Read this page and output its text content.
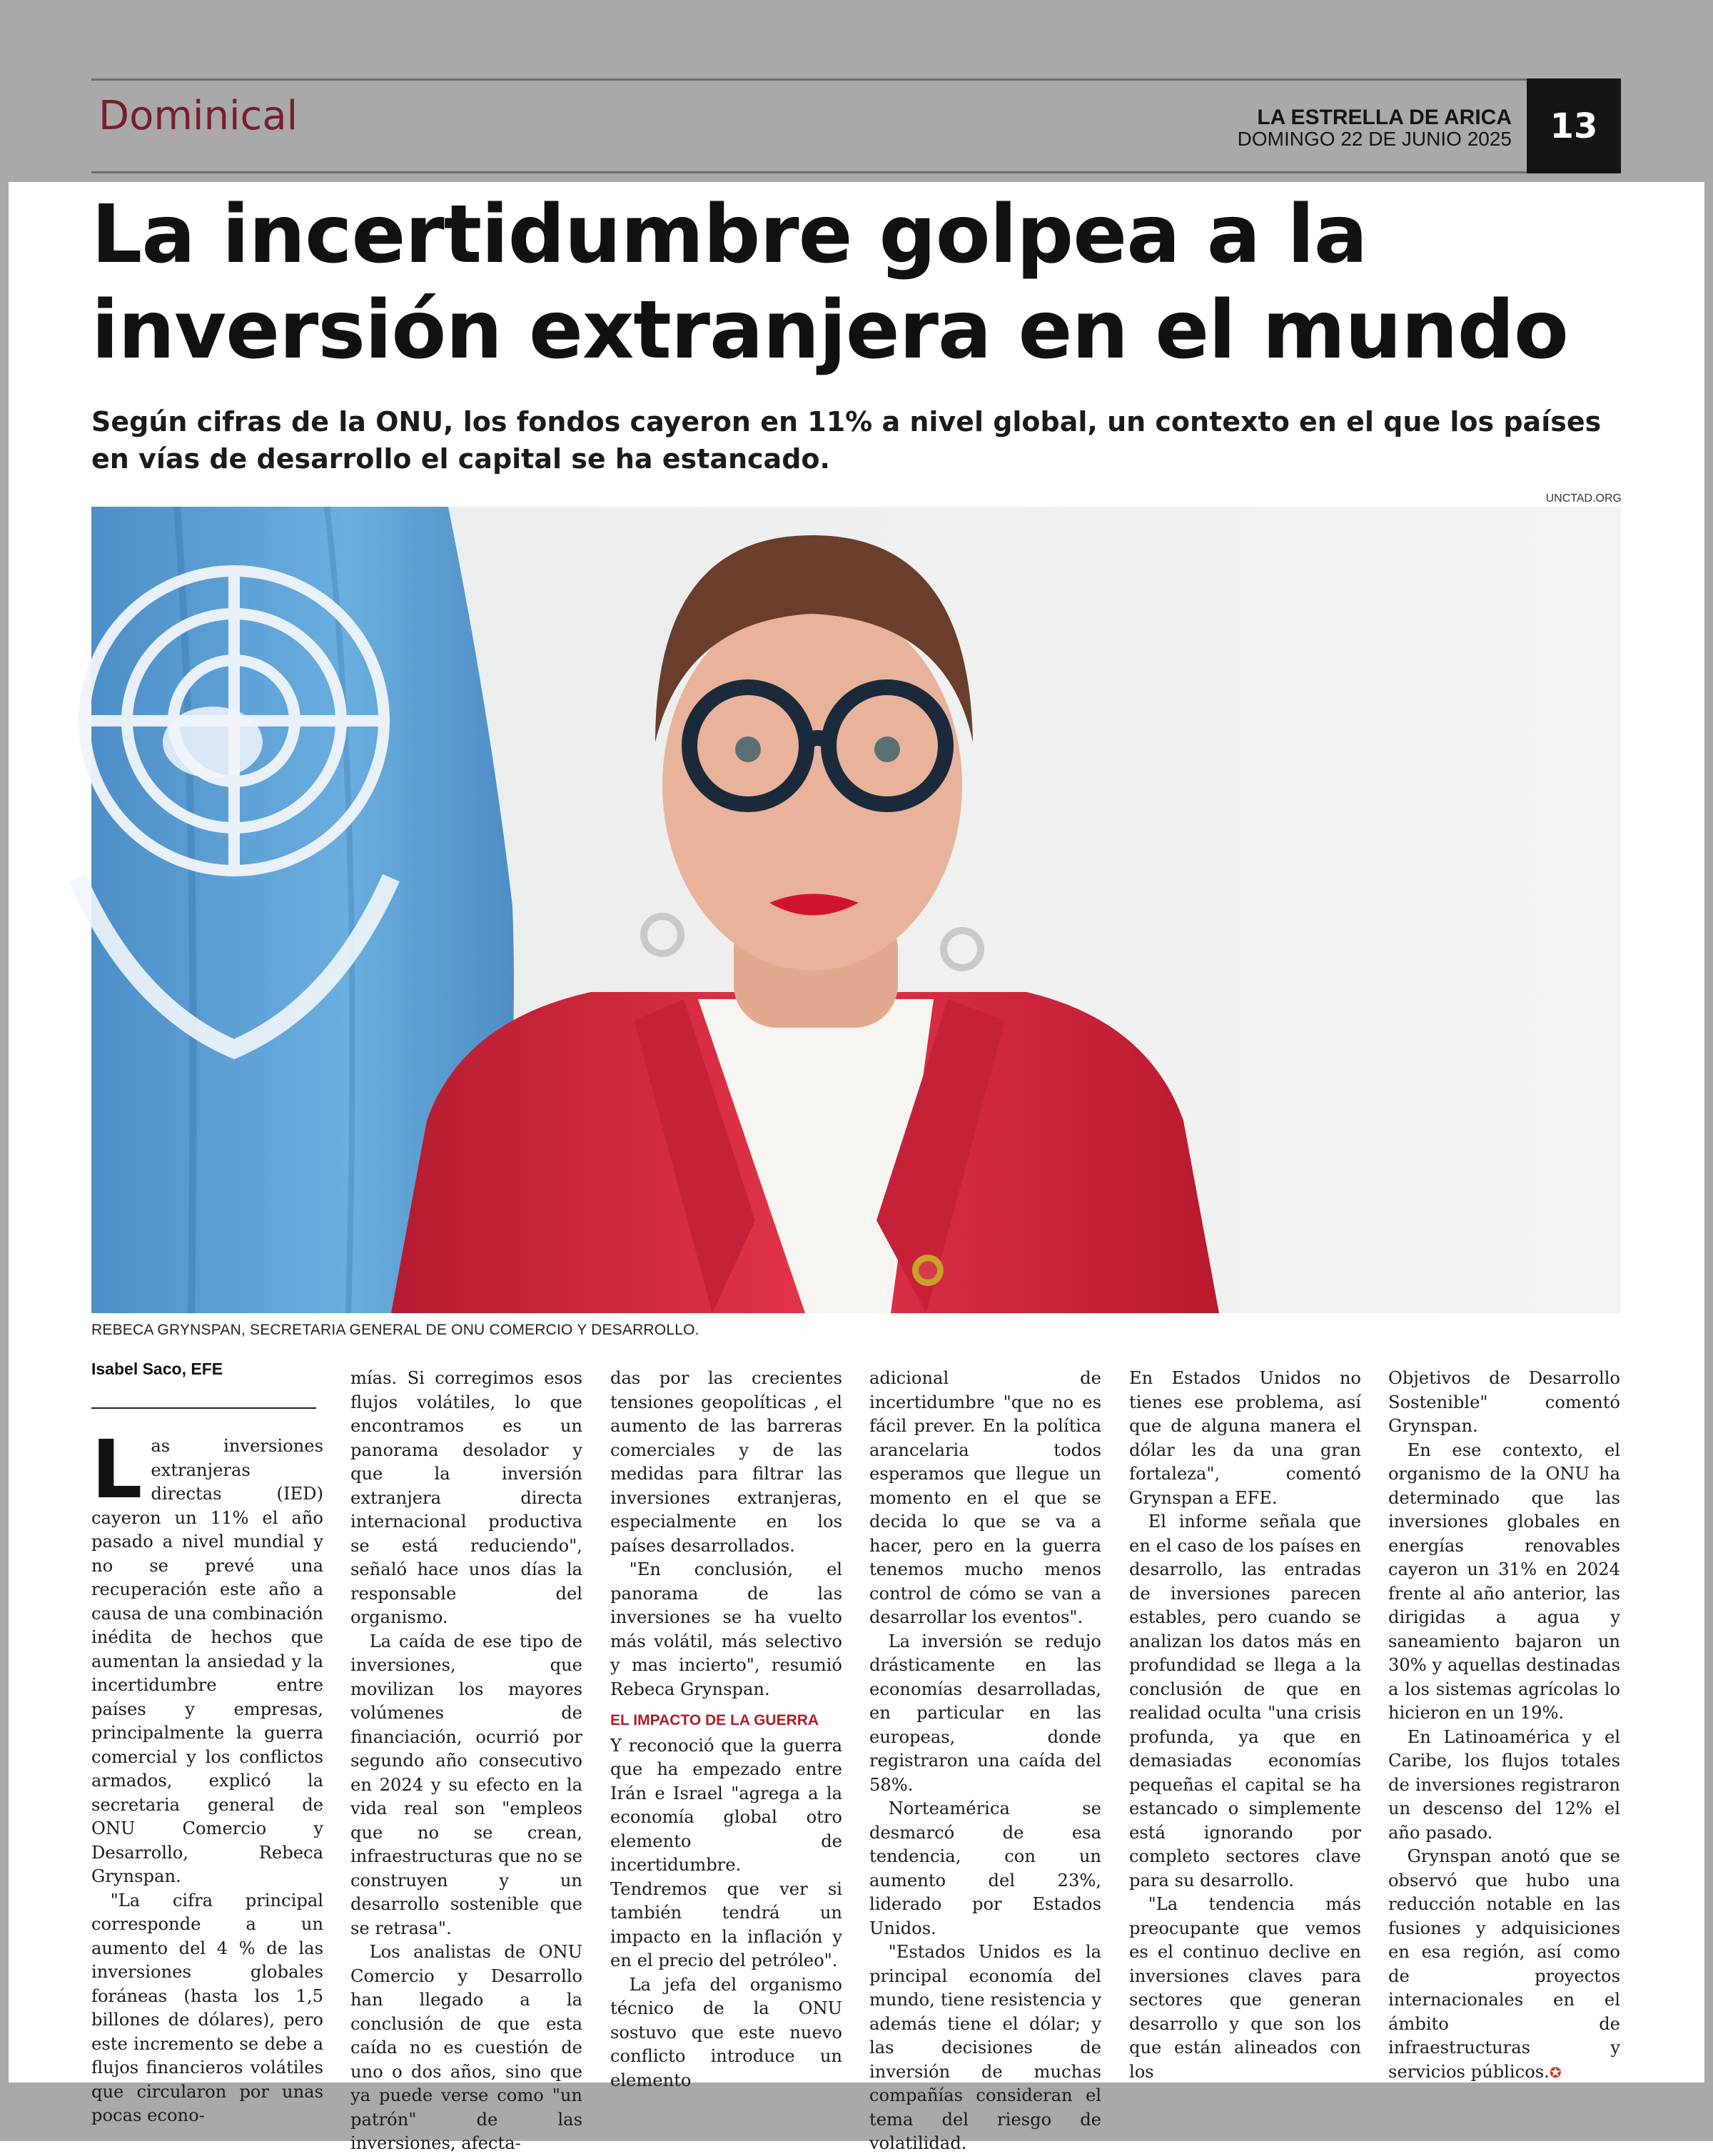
Dominical	LA ESTRELLA DE ARICA
DOMINGO 22 DE JUNIO 2025	13
La incertidumbre golpea a la
inversión extranjera en el mundo
Según cifras de la ONU, los fondos cayeron en 11% a nivel global, un contexto en el que los países en vías de desarrollo el capital se ha estancado.
UNCTAD.ORG
REBECA GRYNSPAN, SECRETARIA GENERAL DE ONU COMERCIO Y DESARROLLO.
Isabel Saco, EFE
L as inversiones extranjeras directas (IED) cayeron un 11% el año pasado a nivel mundial y no se prevé una recuperación este año a causa de una combinación inédita de hechos que aumentan la ansiedad y la incertidumbre entre países y empresas, principalmente la guerra comercial y los conflictos armados, explicó la secretaria general de ONU Comercio y Desarrollo, Rebeca Grynspan.

"La cifra principal corresponde a un aumento del 4 % de las inversiones globales foráneas (hasta los 1,5 billones de dólares), pero este incremento se debe a flujos financieros volátiles que circularon por unas pocas econo-

mías. Si corregimos esos flujos volátiles, lo que encontramos es un panorama desolador y que la inversión extranjera directa internacional productiva se está reduciendo", señaló hace unos días la responsable del organismo.

La caída de ese tipo de inversiones, que movilizan los mayores volúmenes de financiación, ocurrió por segundo año consecutivo en 2024 y su efecto en la vida real son "empleos que no se crean, infraestructuras que no se construyen y un desarrollo sostenible que se retrasa".

Los analistas de ONU Comercio y Desarrollo han llegado a la conclusión de que esta caída no es cuestión de uno o dos años, sino que ya puede verse como "un patrón" de las inversiones, afecta-

das por las crecientes tensiones geopolíticas , el aumento de las barreras comerciales y de las medidas para filtrar las inversiones extranjeras, especialmente en los países desarrollados.

"En conclusión, el panorama de las inversiones se ha vuelto más volátil, más selectivo y mas incierto", resumió Rebeca Grynspan.

EL IMPACTO DE LA GUERRA

Y reconoció que la guerra que ha empezado entre Irán e Israel "agrega a la economía global otro elemento de incertidumbre. Tendremos que ver si también tendrá un impacto en la inflación y en el precio del petróleo".

La jefa del organismo técnico de la ONU sostuvo que este nuevo conflicto introduce un elemento

adicional de incertidumbre "que no es fácil prever. En la política arancelaria todos esperamos que llegue un momento en el que se decida lo que se va a hacer, pero en la guerra tenemos mucho menos control de cómo se van a desarrollar los eventos".

La inversión se redujo drásticamente en las economías desarrolladas, en particular en las europeas, donde registraron una caída del 58%.

Norteamérica se desmarcó de esa tendencia, con un aumento del 23%, liderado por Estados Unidos.

"Estados Unidos es la principal economía del mundo, tiene resistencia y además tiene el dólar; y las decisiones de inversión de muchas compañías consideran el tema del riesgo de volatilidad.

En Estados Unidos no tienes ese problema, así que de alguna manera el dólar les da una gran fortaleza", comentó Grynspan a EFE.

El informe señala que en el caso de los países en desarrollo, las entradas de inversiones parecen estables, pero cuando se analizan los datos más en profundidad se llega a la conclusión de que en realidad oculta "una crisis profunda, ya que en demasiadas economías pequeñas el capital se ha estancado o simplemente está ignorando por completo sectores clave para su desarrollo.

"La tendencia más preocupante que vemos es el continuo declive en inversiones claves para sectores que generan desarrollo y que son los que están alineados con los

Objetivos de Desarrollo Sostenible" comentó Grynspan.

En ese contexto, el organismo de la ONU ha determinado que las inversiones globales en energías renovables cayeron un 31% en 2024 frente al año anterior, las dirigidas a agua y saneamiento bajaron un 30% y aquellas destinadas a los sistemas agrícolas lo hicieron en un 19%.

En Latinoamérica y el Caribe, los flujos totales de inversiones registraron un descenso del 12% el año pasado.

Grynspan anotó que se observó que hubo una reducción notable en las fusiones y adquisiciones en esa región, así como de proyectos internacionales en el ámbito de infraestructuras y servicios públicos.✪
